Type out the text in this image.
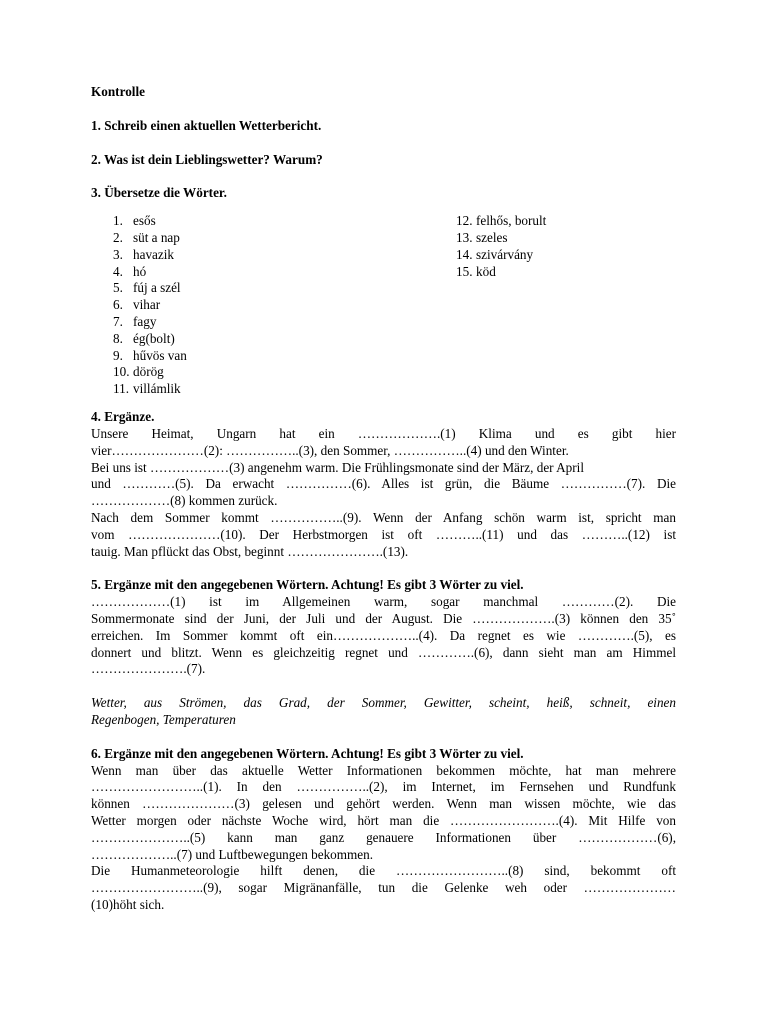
Kontrolle

1. Schreib einen aktuellen Wetterbericht.

2. Was ist dein Lieblingswetter? Warum?

3. Übersetze die Wörter.

1. esős
2. süt a nap
3. havazik
4. hó
5. fúj a szél
6. vihar
7. fagy
8. ég(bolt)
9. hűvös van
10. dörög
11. villámlik
12. felhős, borult
13. szeles
14. szivárvány
15. köd

4. Ergänze.

Unsere Heimat, Ungarn hat ein ……………….(1) Klima und es gibt hier

vier…………………(2): ……………..(3), den Sommer, ……………..(4) und den Winter.

Bei uns ist ………………(3) angenehm warm. Die Frühlingsmonate sind der März, der April

und …………(5). Da erwacht ……………(6). Alles ist grün, die Bäume ……………(7). Die

………………(8) kommen zurück.

Nach dem Sommer kommt ……………..(9). Wenn der Anfang schön warm ist, spricht man

vom …………………(10). Der Herbstmorgen ist oft ………..(11) und das ………..(12) ist

tauig. Man pflückt das Obst, beginnt ………………….(13).

5. Ergänze mit den angegebenen Wörtern. Achtung! Es gibt 3 Wörter zu viel.

………………(1) ist im Allgemeinen warm, sogar manchmal …………(2). Die

Sommermonate sind der Juni, der Juli und der August. Die ……………….(3) können den 35˚

erreichen. Im Sommer kommt oft ein………………..(4). Da regnet es wie ………….(5), es

donnert und blitzt. Wenn es gleichzeitig regnet und ………….(6), dann sieht man am Himmel

………………….(7).

Wetter, aus Strömen, das Grad, der Sommer, Gewitter, scheint, heiß, schneit, einen

Regenbogen, Temperaturen

6. Ergänze mit den angegebenen Wörtern. Achtung! Es gibt 3 Wörter zu viel.

Wenn man über das aktuelle Wetter Informationen bekommen möchte, hat man mehrere

……………………..(1). In den ……………..(2), im Internet, im Fernsehen und Rundfunk

können …………………(3) gelesen und gehört werden. Wenn man wissen möchte, wie das

Wetter morgen oder nächste Woche wird, hört man die …………………….(4). Mit Hilfe von

…………………..(5) kann man ganz genauere Informationen über ………………(6),

………………..(7) und Luftbewegungen bekommen.

Die Humanmeteorologie hilft denen, die ……………………..(8) sind, bekommt oft

……………………..(9), sogar Migränanfälle, tun die Gelenke weh oder …………………

(10)höht sich.
